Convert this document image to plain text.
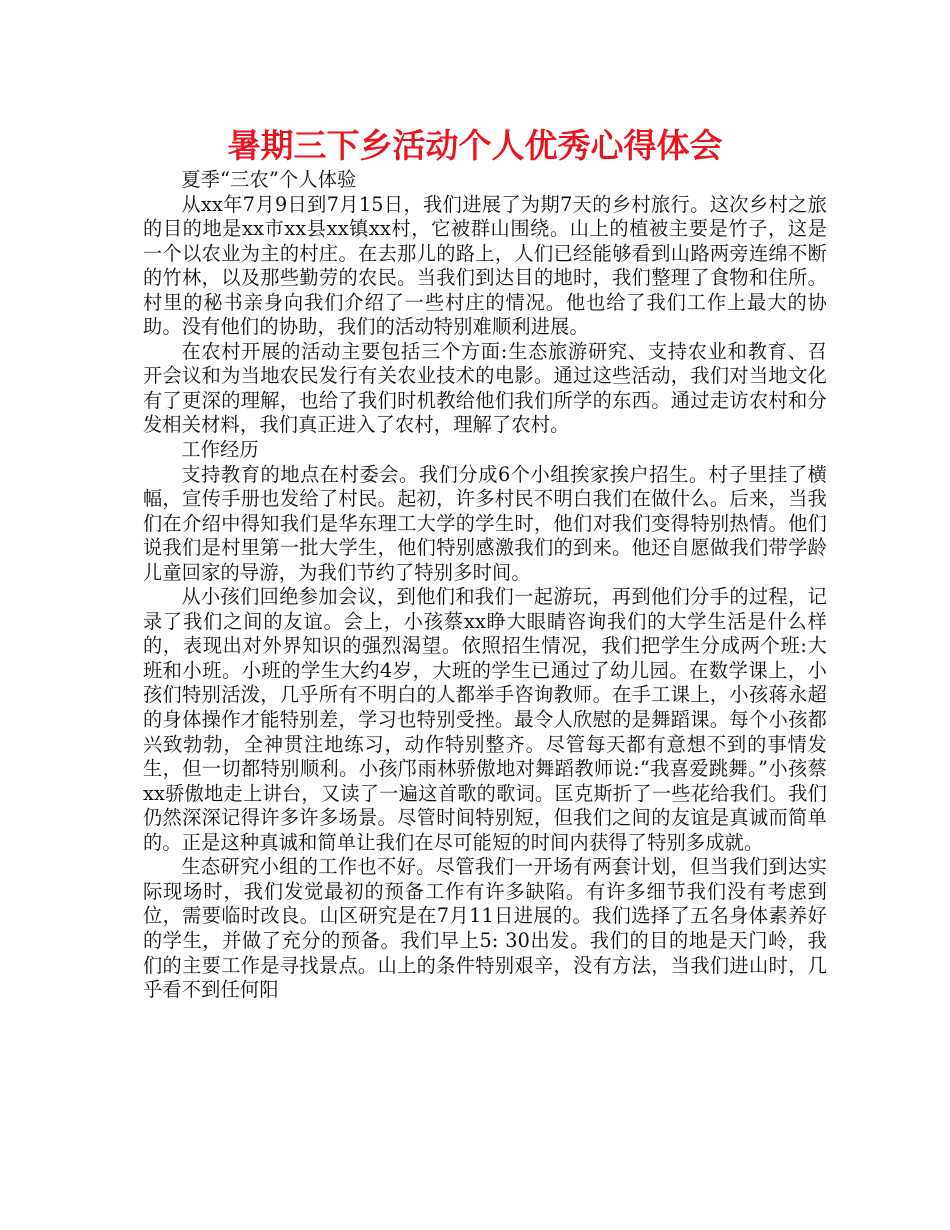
暑期三下乡活动个人优秀心得体会

夏季“三农”个人体验

从xx年7月9日到7月15日，我们进展了为期7天的乡村旅行。这次乡村之旅的目的地是xx市xx县xx镇xx村，它被群山围绕。山上的植被主要是竹子，这是一个以农业为主的村庄。在去那儿的路上，人们已经能够看到山路两旁连绵不断的竹林，以及那些勤劳的农民。当我们到达目的地时，我们整理了食物和住所。村里的秘书亲身向我们介绍了一些村庄的情况。他也给了我们工作上最大的协助。没有他们的协助，我们的活动特别难顺利进展。

在农村开展的活动主要包括三个方面:生态旅游研究、支持农业和教育、召开会议和为当地农民发行有关农业技术的电影。通过这些活动，我们对当地文化有了更深的理解，也给了我们时机教给他们我们所学的东西。通过走访农村和分发相关材料，我们真正进入了农村，理解了农村。

工作经历

支持教育的地点在村委会。我们分成6个小组挨家挨户招生。村子里挂了横幅，宣传手册也发给了村民。起初，许多村民不明白我们在做什么。后来，当我们在介绍中得知我们是华东理工大学的学生时，他们对我们变得特别热情。他们说我们是村里第一批大学生，他们特别感激我们的到来。他还自愿做我们带学龄儿童回家的导游，为我们节约了特别多时间。

从小孩们回绝参加会议，到他们和我们一起游玩，再到他们分手的过程，记录了我们之间的友谊。会上，小孩蔡xx睁大眼睛咨询我们的大学生活是什么样的，表现出对外界知识的强烈渴望。依照招生情况，我们把学生分成两个班:大班和小班。小班的学生大约4岁，大班的学生已通过了幼儿园。在数学课上，小孩们特别活泼，几乎所有不明白的人都举手咨询教师。在手工课上，小孩蒋永超的身体操作才能特别差，学习也特别受挫。最令人欣慰的是舞蹈课。每个小孩都兴致勃勃，全神贯注地练习，动作特别整齐。尽管每天都有意想不到的事情发生，但一切都特别顺利。小孩邝雨林骄傲地对舞蹈教师说:“我喜爱跳舞。”小孩蔡xx骄傲地走上讲台，又读了一遍这首歌的歌词。匡克斯折了一些花给我们。我们仍然深深记得许多许多场景。尽管时间特别短，但我们之间的友谊是真诚而简单的。正是这种真诚和简单让我们在尽可能短的时间内获得了特别多成就。

生态研究小组的工作也不好。尽管我们一开场有两套计划，但当我们到达实际现场时，我们发觉最初的预备工作有许多缺陷。有许多细节我们没有考虑到位，需要临时改良。山区研究是在7月11日进展的。我们选择了五名身体素养好的学生，并做了充分的预备。我们早上5: 30出发。我们的目的地是天门岭，我们的主要工作是寻找景点。山上的条件特别艰辛，没有方法，当我们进山时，几乎看不到任何阳
